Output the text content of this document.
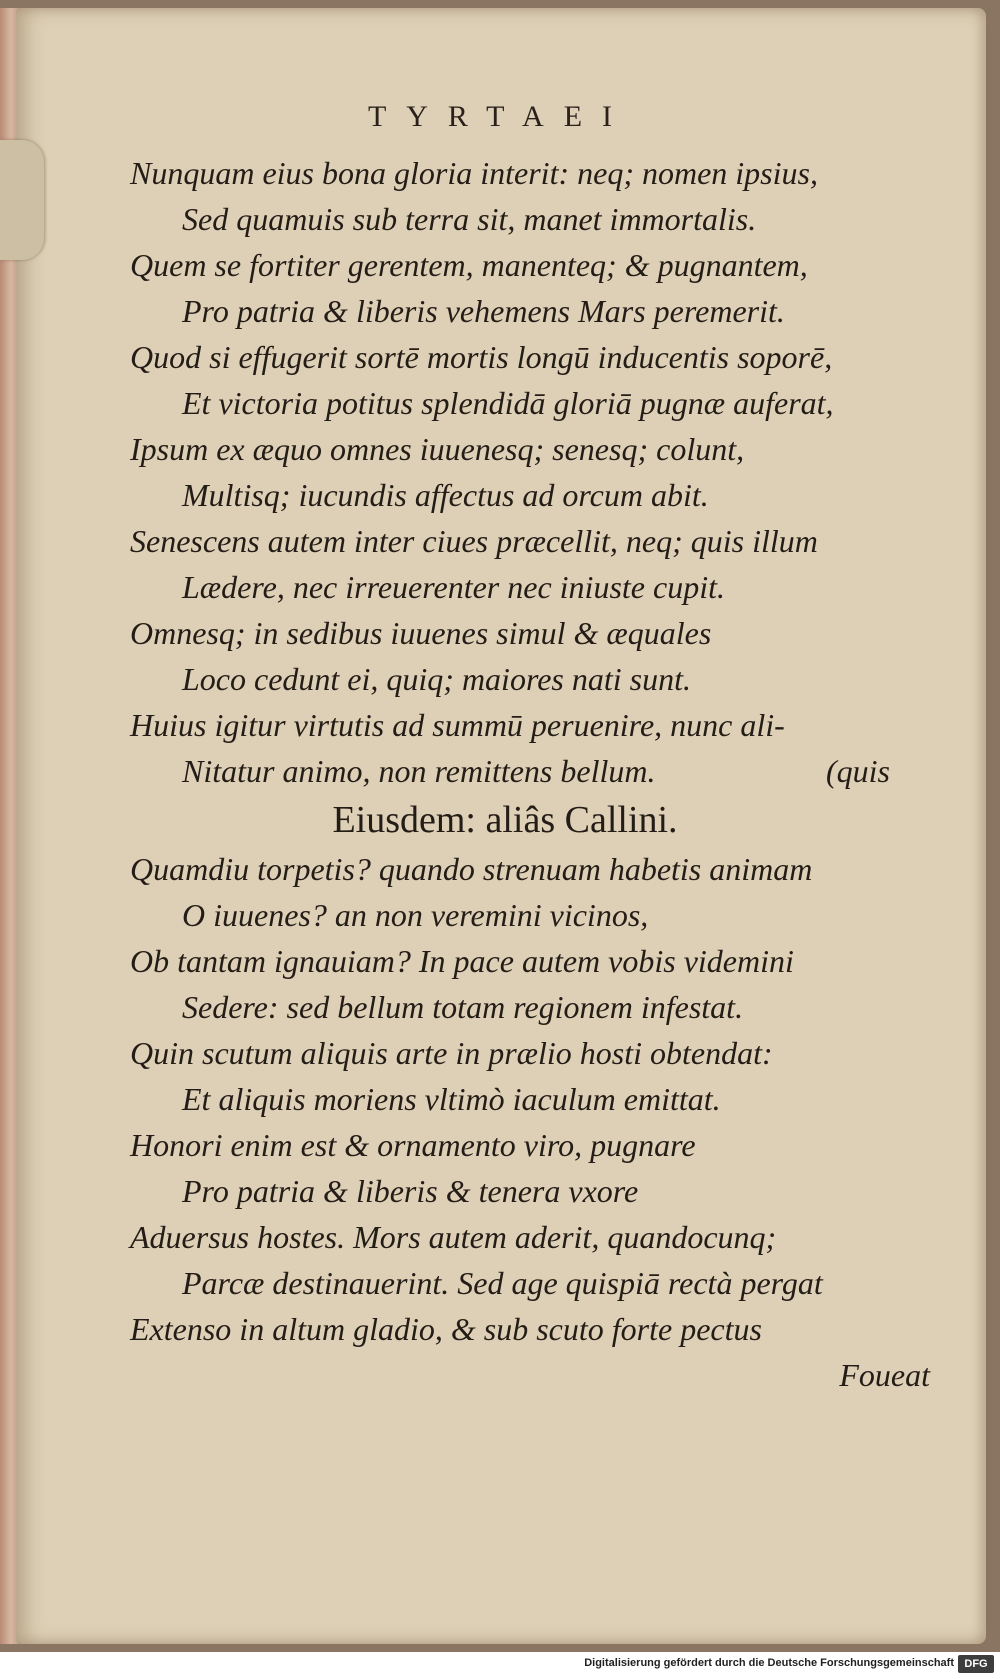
TYRTAEI
Nunquam eius bona gloria interit: neq; nomen ipsius,
Sed quamuis sub terra sit, manet immortalis.
Quem se fortiter gerentem, manenteq; & pugnantem,
Pro patria & liberis vehemens Mars peremerit.
Quod si effugerit sortē mortis longū inducentis soporē,
Et victoria potitus splendidā gloriā pugnæ auferat,
Ipsum ex æquo omnes iuuenesq; senesq; colunt,
Multisq; iucundis affectus ad orcum abit.
Senescens autem inter ciues præcellit, neq; quis illum
Lædere, nec irreuerenter nec iniuste cupit.
Omnesq; in sedibus iuuenes simul & æquales
Loco cedunt ei, quiq; maiores nati sunt.
Huius igitur virtutis ad summū peruenire, nunc ali-
Nitatur animo, non remittens bellum.	(quis
Eiusdem: aliâs Callini.
Quamdiu torpetis? quando strenuam habetis animam
O iuuenes? an non veremini vicinos,
Ob tantam ignauiam? In pace autem vobis videmini
Sedere: sed bellum totam regionem infestat.
Quin scutum aliquis arte in prælio hosti obtendat:
Et aliquis moriens vltimò iaculum emittat.
Honori enim est & ornamento viro, pugnare
Pro patria & liberis & tenera vxore
Aduersus hostes. Mors autem aderit, quandocunq;
Parcæ destinauerint. Sed age quispiā rectà pergat
Extenso in altum gladio, & sub scuto forte pectus
Foueat
Digitalisierung gefördert durch die Deutsche Forschungsgemeinschaft DFG
